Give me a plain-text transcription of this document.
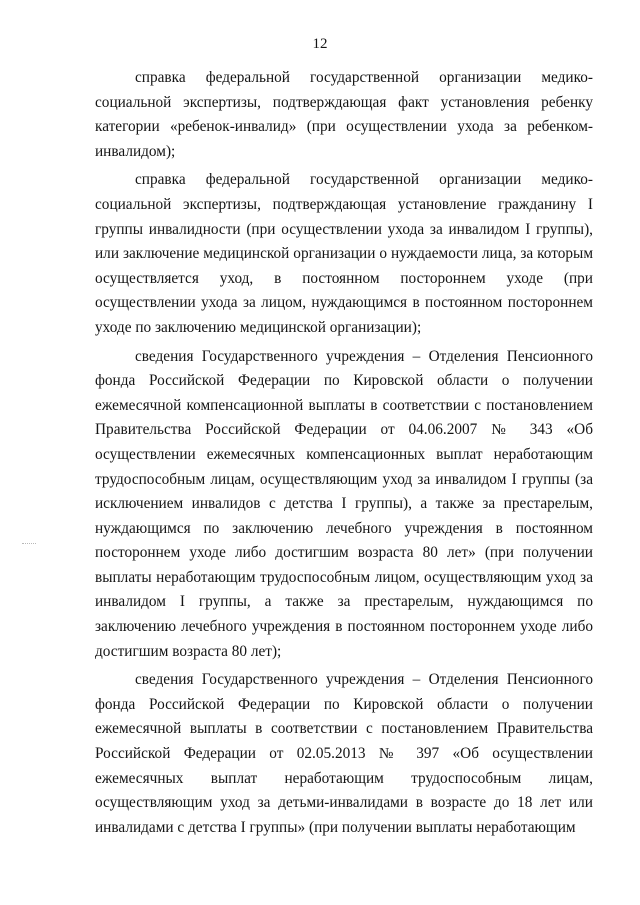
12

справка федеральной государственной организации медико-социальной экспертизы, подтверждающая факт установления ребенку категории «ребенок-инвалид» (при осуществлении ухода за ребенком-инвалидом);

справка федеральной государственной организации медико-социальной экспертизы, подтверждающая установление гражданину I группы инвалидности (при осуществлении ухода за инвалидом I группы), или заключение медицинской организации о нуждаемости лица, за которым осуществляется уход, в постоянном постороннем уходе (при осуществлении ухода за лицом, нуждающимся в постоянном постороннем уходе по заключению медицинской организации);

сведения Государственного учреждения – Отделения Пенсионного фонда Российской Федерации по Кировской области о получении ежемесячной компенсационной выплаты в соответствии с постановлением Правительства Российской Федерации от 04.06.2007 № 343 «Об осуществлении ежемесячных компенсационных выплат неработающим трудоспособным лицам, осуществляющим уход за инвалидом I группы (за исключением инвалидов с детства I группы), а также за престарелым, нуждающимся по заключению лечебного учреждения в постоянном постороннем уходе либо достигшим возраста 80 лет» (при получении выплаты неработающим трудоспособным лицом, осуществляющим уход за инвалидом I группы, а также за престарелым, нуждающимся по заключению лечебного учреждения в постоянном постороннем уходе либо достигшим возраста 80 лет);

сведения Государственного учреждения – Отделения Пенсионного фонда Российской Федерации по Кировской области о получении ежемесячной выплаты в соответствии с постановлением Правительства Российской Федерации от 02.05.2013 № 397 «Об осуществлении ежемесячных выплат неработающим трудоспособным лицам, осуществляющим уход за детьми-инвалидами в возрасте до 18 лет или инвалидами с детства I группы» (при получении выплаты неработающим
